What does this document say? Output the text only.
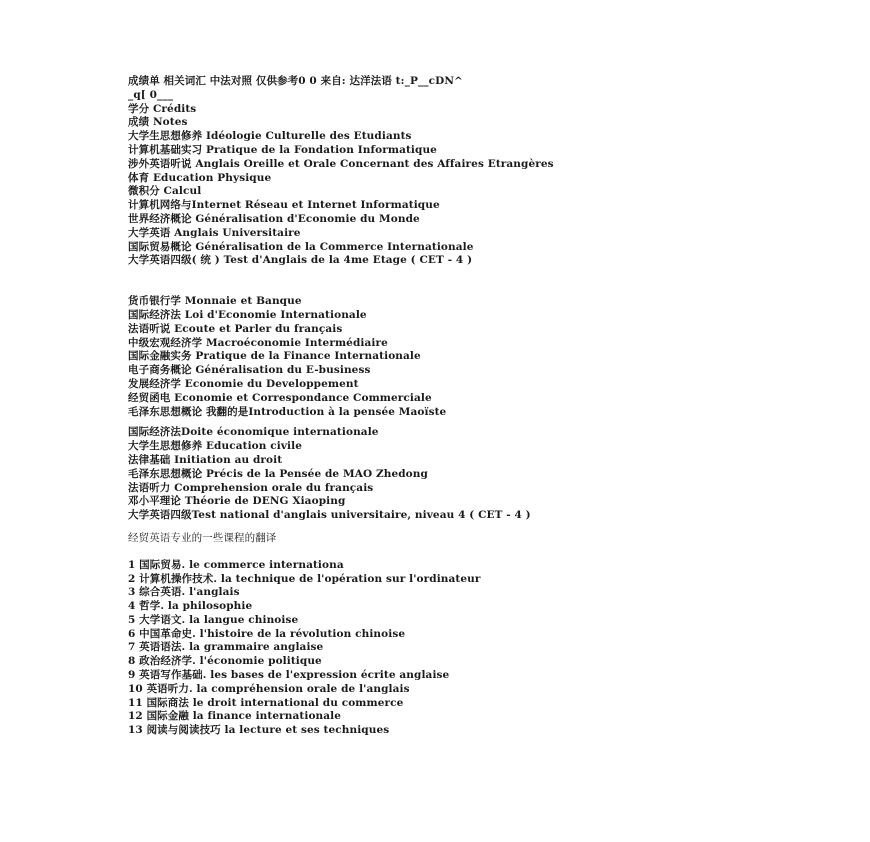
成绩单 相关词汇 中法对照 仅供参考0 0 来自: 达洋法语 t:_P__cDN^
_q[ 0___
学分 Crédits
成绩 Notes
大学生思想修养 Idéologie Culturelle des Etudiants
计算机基础实习 Pratique de la Fondation Informatique
涉外英语听说 Anglais Oreille et Orale Concernant des Affaires Etrangères
体育 Education Physique
微积分 Calcul
计算机网络与Internet Réseau et Internet Informatique
世界经济概论 Généralisation d'Economie du Monde
大学英语 Anglais Universitaire
国际贸易概论 Généralisation de la Commerce Internationale
大学英语四级( 统 ) Test d'Anglais de la 4me Etage ( CET - 4 )
货币银行学 Monnaie et Banque
国际经济法 Loi d'Economie Internationale
法语听说 Ecoute et Parler du français
中级宏观经济学 Macroéconomie Intermédiaire
国际金融实务 Pratique de la Finance Internationale
电子商务概论 Généralisation du E-business
发展经济学 Economie du Developpement
经贸函电 Economie et Correspondance Commerciale
毛泽东思想概论 我翻的是Introduction à la pensée Maoïste
国际经济法Doite économique internationale
大学生思想修养 Education civile
法律基础 Initiation au droit
毛泽东思想概论 Précis de la Pensée de MAO Zhedong
法语听力 Comprehension orale du français
邓小平理论 Théorie de DENG Xiaoping
大学英语四级Test national d'anglais universitaire, niveau 4 ( CET - 4 )
经贸英语专业的一些课程的翻译
1 国际贸易. le commerce internationa
2 计算机操作技术. la technique de l'opération sur l'ordinateur
3 综合英语. l'anglais
4 哲学. la philosophie
5 大学语文. la langue chinoise
6 中国革命史. l'histoire de la révolution chinoise
7 英语语法. la grammaire anglaise
8 政治经济学. l'économie politique
9 英语写作基础. les bases de l'expression écrite anglaise
10 英语听力. la compréhension orale de l'anglais
11 国际商法 le droit international du commerce
12 国际金融 la finance internationale
13 阅读与阅读技巧 la lecture et ses techniques
